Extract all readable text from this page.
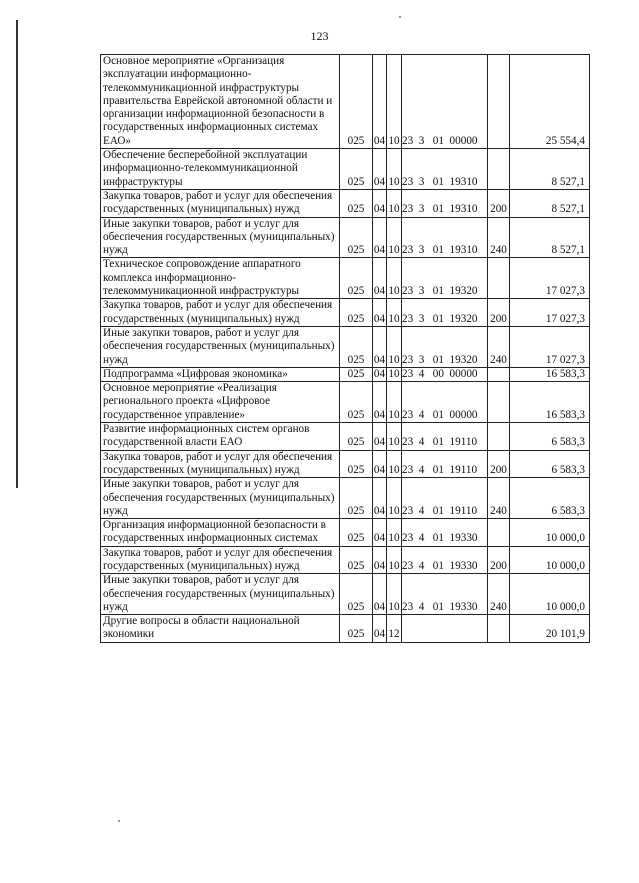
123
Основное мероприятие «Организация эксплуатации информационно-телекоммуникационной инфраструктуры правительства Еврейской автономной области и организации информационной безопасности в государственных информационных системах ЕАО»	025	04	10	23  3   01  00000		25 554,4
Обеспечение бесперебойной эксплуатации информационно-телекоммуникационной инфраструктуры	025	04	10	23  3   01  19310		8 527,1
Закупка товаров, работ и услуг для обеспечения государственных (муниципальных) нужд	025	04	10	23  3   01  19310	200	8 527,1
Иные закупки товаров, работ и услуг для обеспечения государственных (муниципальных) нужд	025	04	10	23  3   01  19310	240	8 527,1
Техническое сопровождение аппаратного комплекса информационно-телекоммуникационной инфраструктуры	025	04	10	23  3   01  19320		17 027,3
Закупка товаров, работ и услуг для обеспечения государственных (муниципальных) нужд	025	04	10	23  3   01  19320	200	17 027,3
Иные закупки товаров, работ и услуг для обеспечения государственных (муниципальных) нужд	025	04	10	23  3   01  19320	240	17 027,3
Подпрограмма «Цифровая экономика»	025	04	10	23  4   00  00000		16 583,3
Основное мероприятие «Реализация регионального проекта «Цифровое государственное управление»	025	04	10	23  4   01  00000		16 583,3
Развитие информационных систем органов государственной власти ЕАО	025	04	10	23  4   01  19110		6 583,3
Закупка товаров, работ и услуг для обеспечения государственных (муниципальных) нужд	025	04	10	23  4   01  19110	200	6 583,3
Иные закупки товаров, работ и услуг для обеспечения государственных (муниципальных) нужд	025	04	10	23  4   01  19110	240	6 583,3
Организация информационной безопасности в государственных информационных системах	025	04	10	23  4   01  19330		10 000,0
Закупка товаров, работ и услуг для обеспечения государственных (муниципальных) нужд	025	04	10	23  4   01  19330	200	10 000,0
Иные закупки товаров, работ и услуг для обеспечения государственных (муниципальных) нужд	025	04	10	23  4   01  19330	240	10 000,0
Другие вопросы в области национальной экономики	025	04	12			20 101,9
